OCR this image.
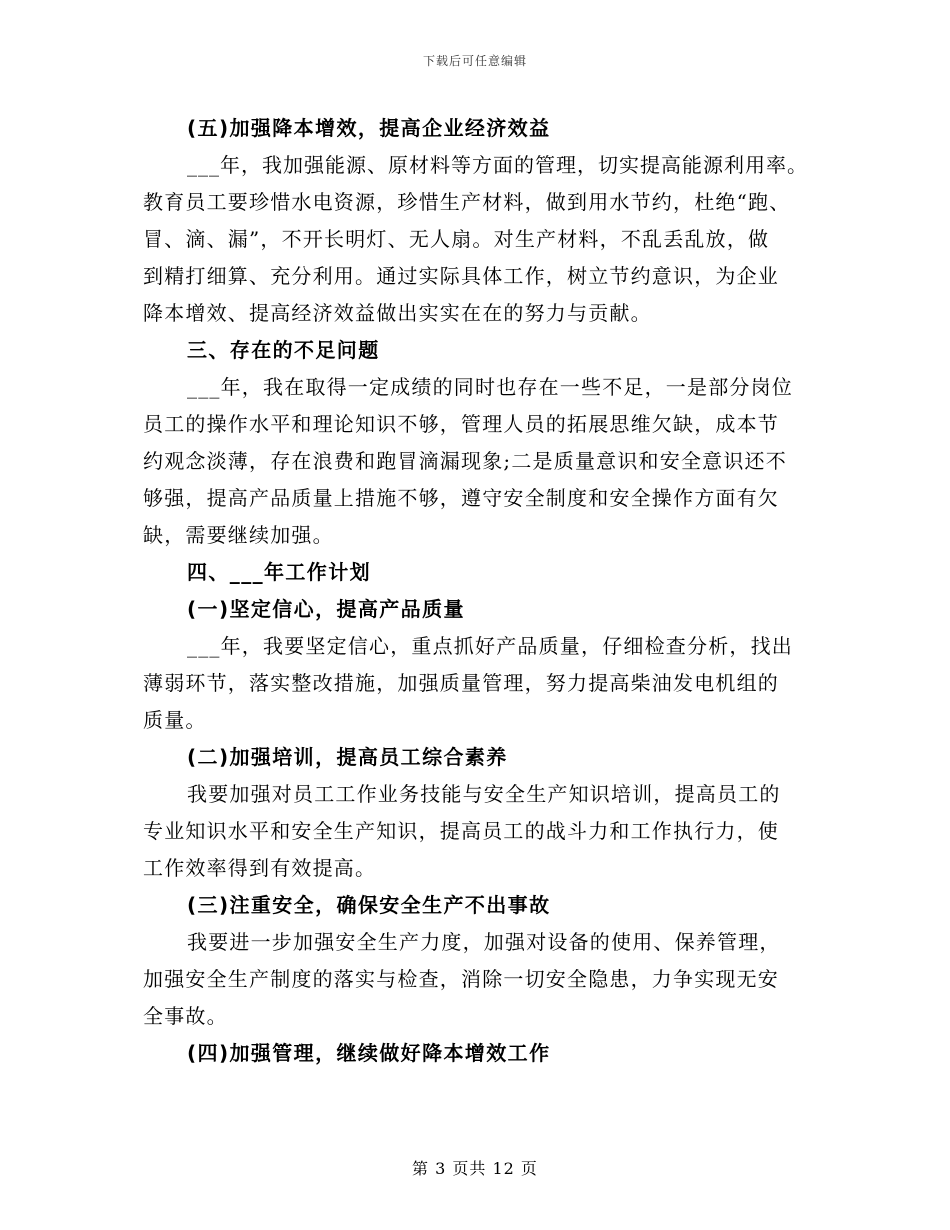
下载后可任意编辑
(五)加强降本增效，提高企业经济效益
___年，我加强能源、原材料等方面的管理，切实提高能源利用率。
教育员工要珍惜水电资源，珍惜生产材料，做到用水节约，杜绝“跑、
冒、滴、漏”，不开长明灯、无人扇。对生产材料，不乱丢乱放，做
到精打细算、充分利用。通过实际具体工作，树立节约意识，为企业
降本增效、提高经济效益做出实实在在的努力与贡献。
三、存在的不足问题
___年，我在取得一定成绩的同时也存在一些不足，一是部分岗位
员工的操作水平和理论知识不够，管理人员的拓展思维欠缺，成本节
约观念淡薄，存在浪费和跑冒滴漏现象;二是质量意识和安全意识还不
够强，提高产品质量上措施不够，遵守安全制度和安全操作方面有欠
缺，需要继续加强。
四、___年工作计划
(一)坚定信心，提高产品质量
___年，我要坚定信心，重点抓好产品质量，仔细检查分析，找出
薄弱环节，落实整改措施，加强质量管理，努力提高柴油发电机组的
质量。
(二)加强培训，提高员工综合素养
我要加强对员工工作业务技能与安全生产知识培训，提高员工的
专业知识水平和安全生产知识，提高员工的战斗力和工作执行力，使
工作效率得到有效提高。
(三)注重安全，确保安全生产不出事故
我要进一步加强安全生产力度，加强对设备的使用、保养管理，
加强安全生产制度的落实与检查，消除一切安全隐患，力争实现无安
全事故。
(四)加强管理，继续做好降本增效工作
第 3 页共 12 页
